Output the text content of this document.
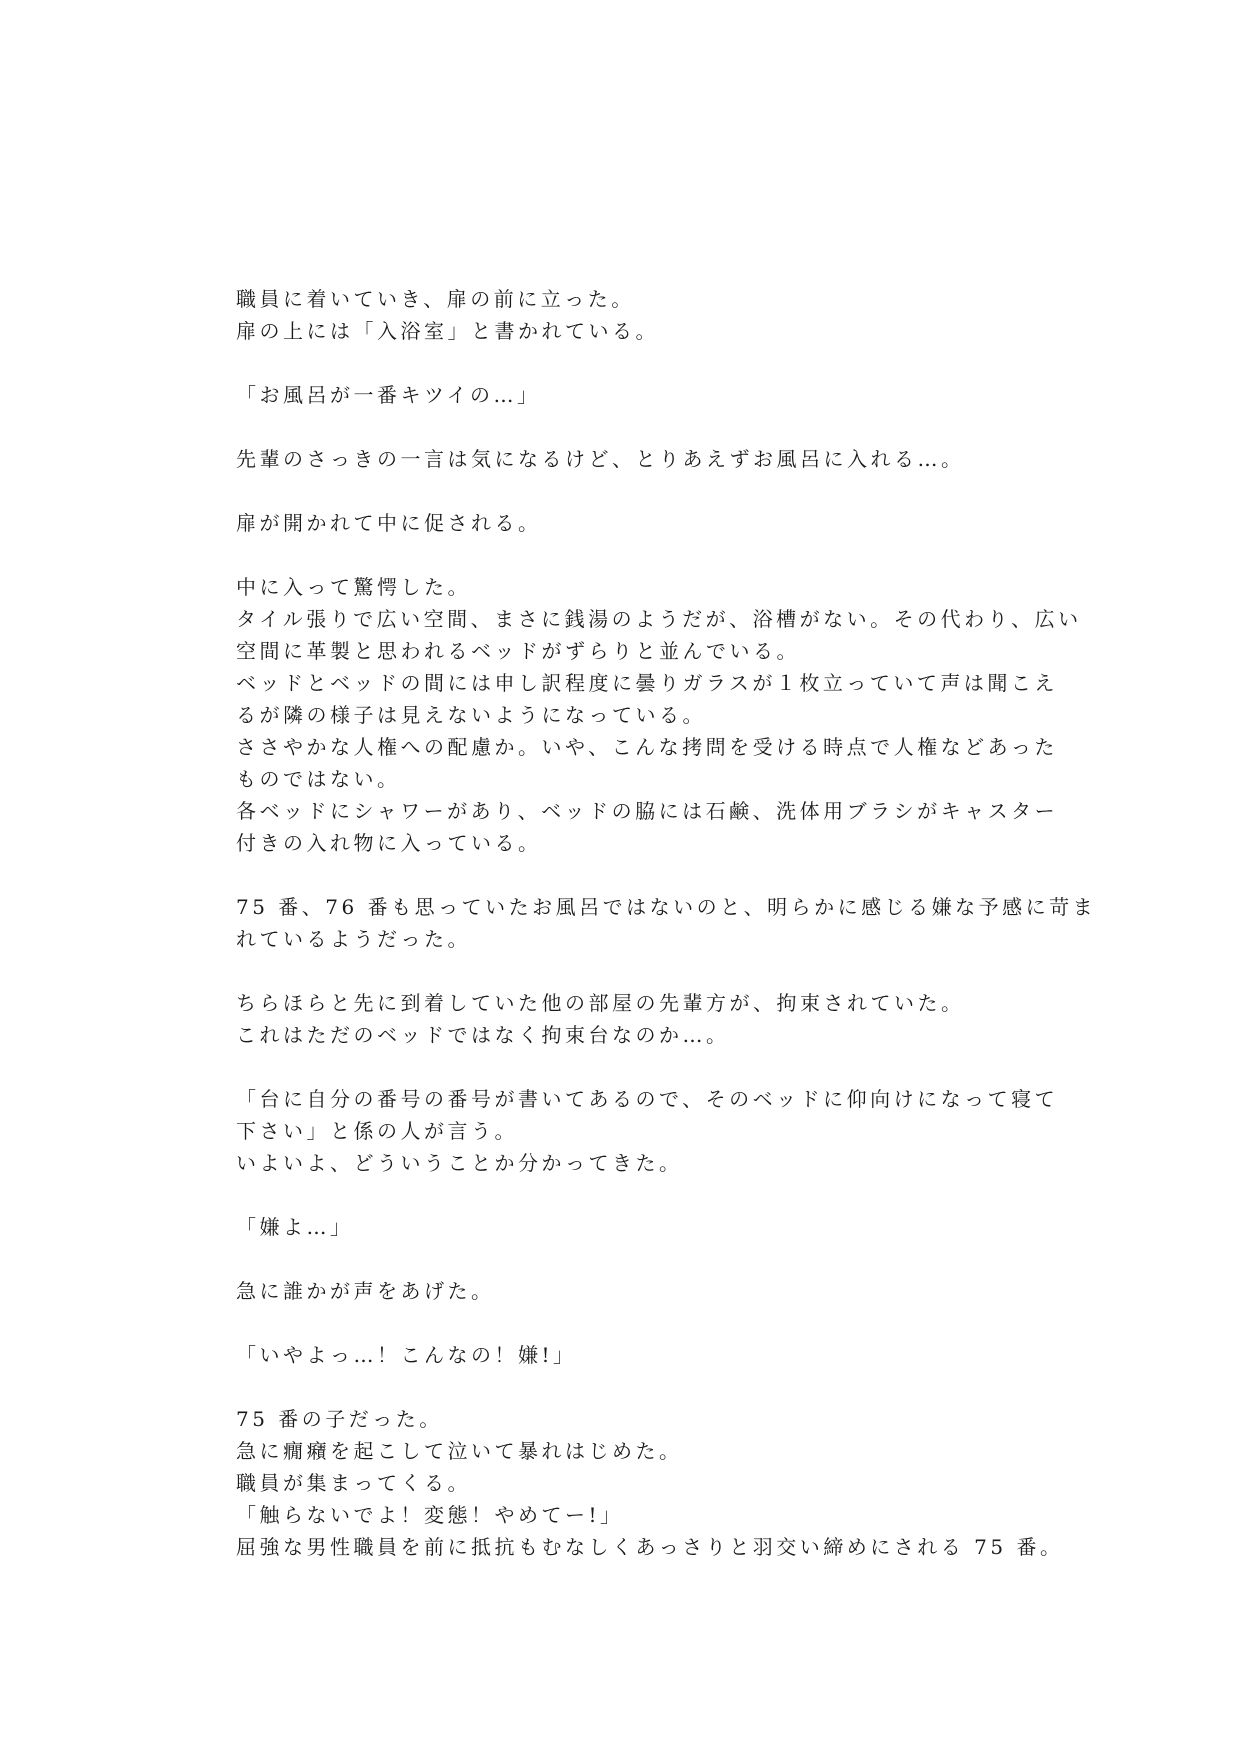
職員に着いていき、扉の前に立った。
扉の上には「入浴室」と書かれている。
「お風呂が一番キツイの…」
先輩のさっきの一言は気になるけど、とりあえずお風呂に入れる…。
扉が開かれて中に促される。
中に入って驚愕した。
タイル張りで広い空間、まさに銭湯のようだが、浴槽がない。その代わり、広い
空間に革製と思われるベッドがずらりと並んでいる。
ベッドとベッドの間には申し訳程度に曇りガラスが１枚立っていて声は聞こえ
るが隣の様子は見えないようになっている。
ささやかな人権への配慮か。いや、こんな拷問を受ける時点で人権などあった
ものではない。
各ベッドにシャワーがあり、ベッドの脇には石鹸、洗体用ブラシがキャスター
付きの入れ物に入っている。
75 番、76 番も思っていたお風呂ではないのと、明らかに感じる嫌な予感に苛ま
れているようだった。
ちらほらと先に到着していた他の部屋の先輩方が、拘束されていた。
これはただのベッドではなく拘束台なのか…。
「台に自分の番号の番号が書いてあるので、そのベッドに仰向けになって寝て
下さい」と係の人が言う。
いよいよ、どういうことか分かってきた。
「嫌よ…」
急に誰かが声をあげた。
「いやよっ…！こんなの！嫌!」
75 番の子だった。
急に癇癪を起こして泣いて暴れはじめた。
職員が集まってくる。
「触らないでよ！変態！やめてー!」
屈強な男性職員を前に抵抗もむなしくあっさりと羽交い締めにされる 75 番。
